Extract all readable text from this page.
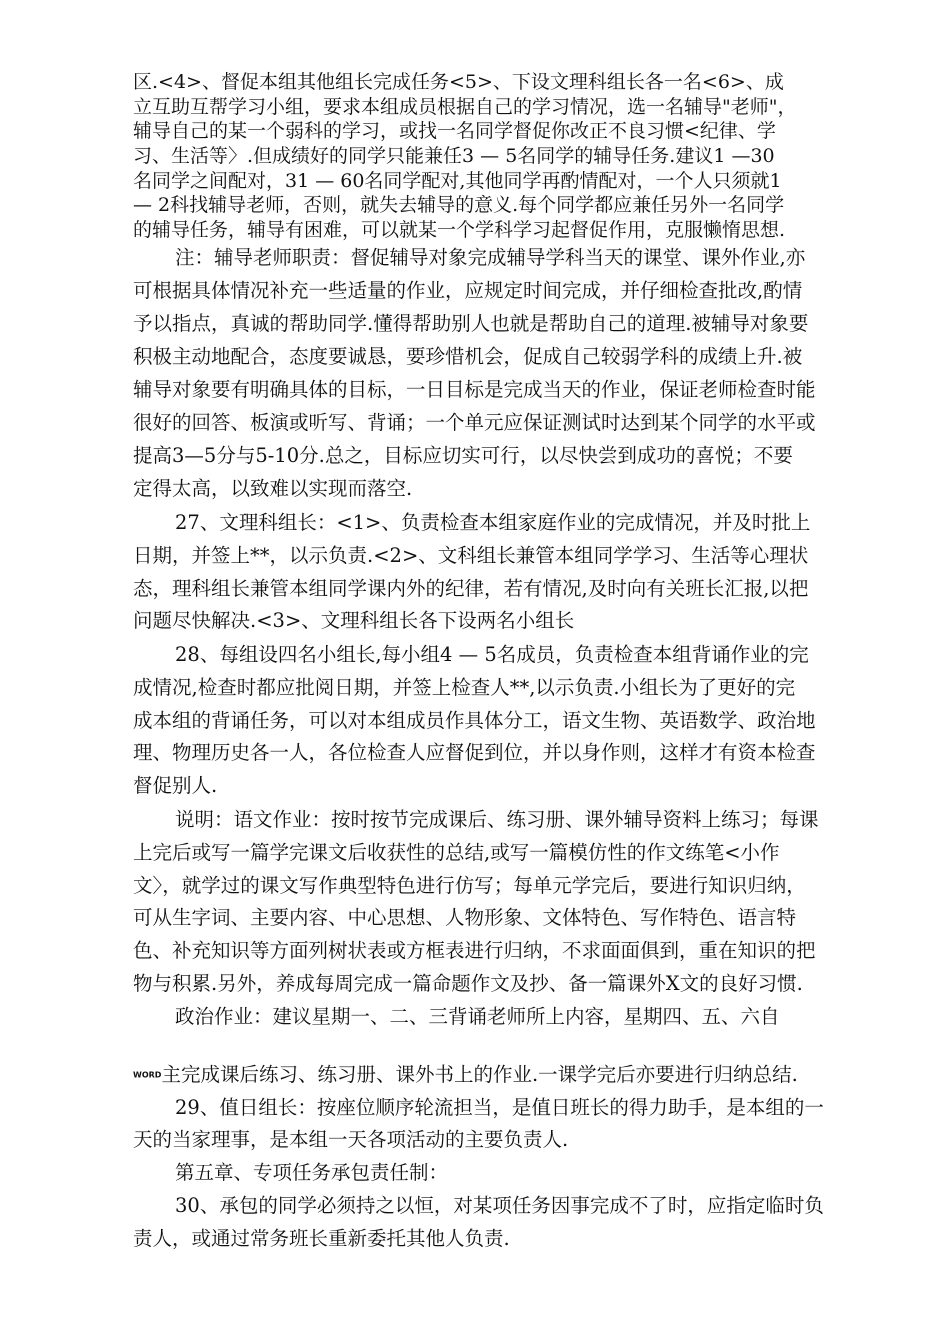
区.<4>、督促本组其他组长完成任务<5>、下设文理科组长各一名<6>、成
立互助互帮学习小组，要求本组成员根据自己的学习情况，选一名辅导"老师"，
辅导自己的某一个弱科的学习，或找一名同学督促你改正不良习惯<纪律、学
习、生活等〉.但成绩好的同学只能兼任3 — 5名同学的辅导任务.建议1 —30
名同学之间配对，31 — 60名同学配对,其他同学再酌情配对，一个人只须就1
— 2科找辅导老师，否则，就失去辅导的意义.每个同学都应兼任另外一名同学
的辅导任务，辅导有困难，可以就某一个学科学习起督促作用，克服懒惰思想.
注：辅导老师职责：督促辅导对象完成辅导学科当天的课堂、课外作业,亦
可根据具体情况补充一些适量的作业，应规定时间完成，并仔细检查批改,酌情
予以指点，真诚的帮助同学.懂得帮助别人也就是帮助自己的道理.被辅导对象要
积极主动地配合，态度要诚恳，要珍惜机会，促成自己较弱学科的成绩上升.被
辅导对象要有明确具体的目标，一日目标是完成当天的作业，保证老师检查时能
很好的回答、板演或听写、背诵；一个单元应保证测试时达到某个同学的水平或
提高3—5分与5-10分.总之，目标应切实可行，以尽快尝到成功的喜悦；不要
定得太高，以致难以实现而落空.
27、文理科组长：<1>、负责检查本组家庭作业的完成情况，并及时批上
日期，并签上**，以示负责.<2>、文科组长兼管本组同学学习、生活等心理状
态，理科组长兼管本组同学课内外的纪律，若有情况,及时向有关班长汇报,以把
问题尽快解决.<3>、文理科组长各下设两名小组长
28、每组设四名小组长,每小组4 — 5名成员，负责检查本组背诵作业的完
成情况,检查时都应批阅日期，并签上检查人**,以示负责.小组长为了更好的完
成本组的背诵任务，可以对本组成员作具体分工，语文生物、英语数学、政治地
理、物理历史各一人，各位检查人应督促到位，并以身作则，这样才有资本检查
督促别人.
说明：语文作业：按时按节完成课后、练习册、课外辅导资料上练习；每课
上完后或写一篇学完课文后收获性的总结,或写一篇模仿性的作文练笔<小作
文〉，就学过的课文写作典型特色进行仿写；每单元学完后，要进行知识归纳，
可从生字词、主要内容、中心思想、人物形象、文体特色、写作特色、语言特
色、补充知识等方面列树状表或方框表进行归纳，不求面面俱到，重在知识的把
物与积累.另外，养成每周完成一篇命题作文及抄、备一篇课外X文的良好习惯.
政治作业：建议星期一、二、三背诵老师所上内容，星期四、五、六自
WORD主完成课后练习、练习册、课外书上的作业.一课学完后亦要进行归纳总结.
29、值日组长：按座位顺序轮流担当，是值日班长的得力助手，是本组的一
天的当家理事，是本组一天各项活动的主要负责人.
第五章、专项任务承包责任制：
30、承包的同学必须持之以恒，对某项任务因事完成不了时，应指定临时负
责人，或通过常务班长重新委托其他人负责.
